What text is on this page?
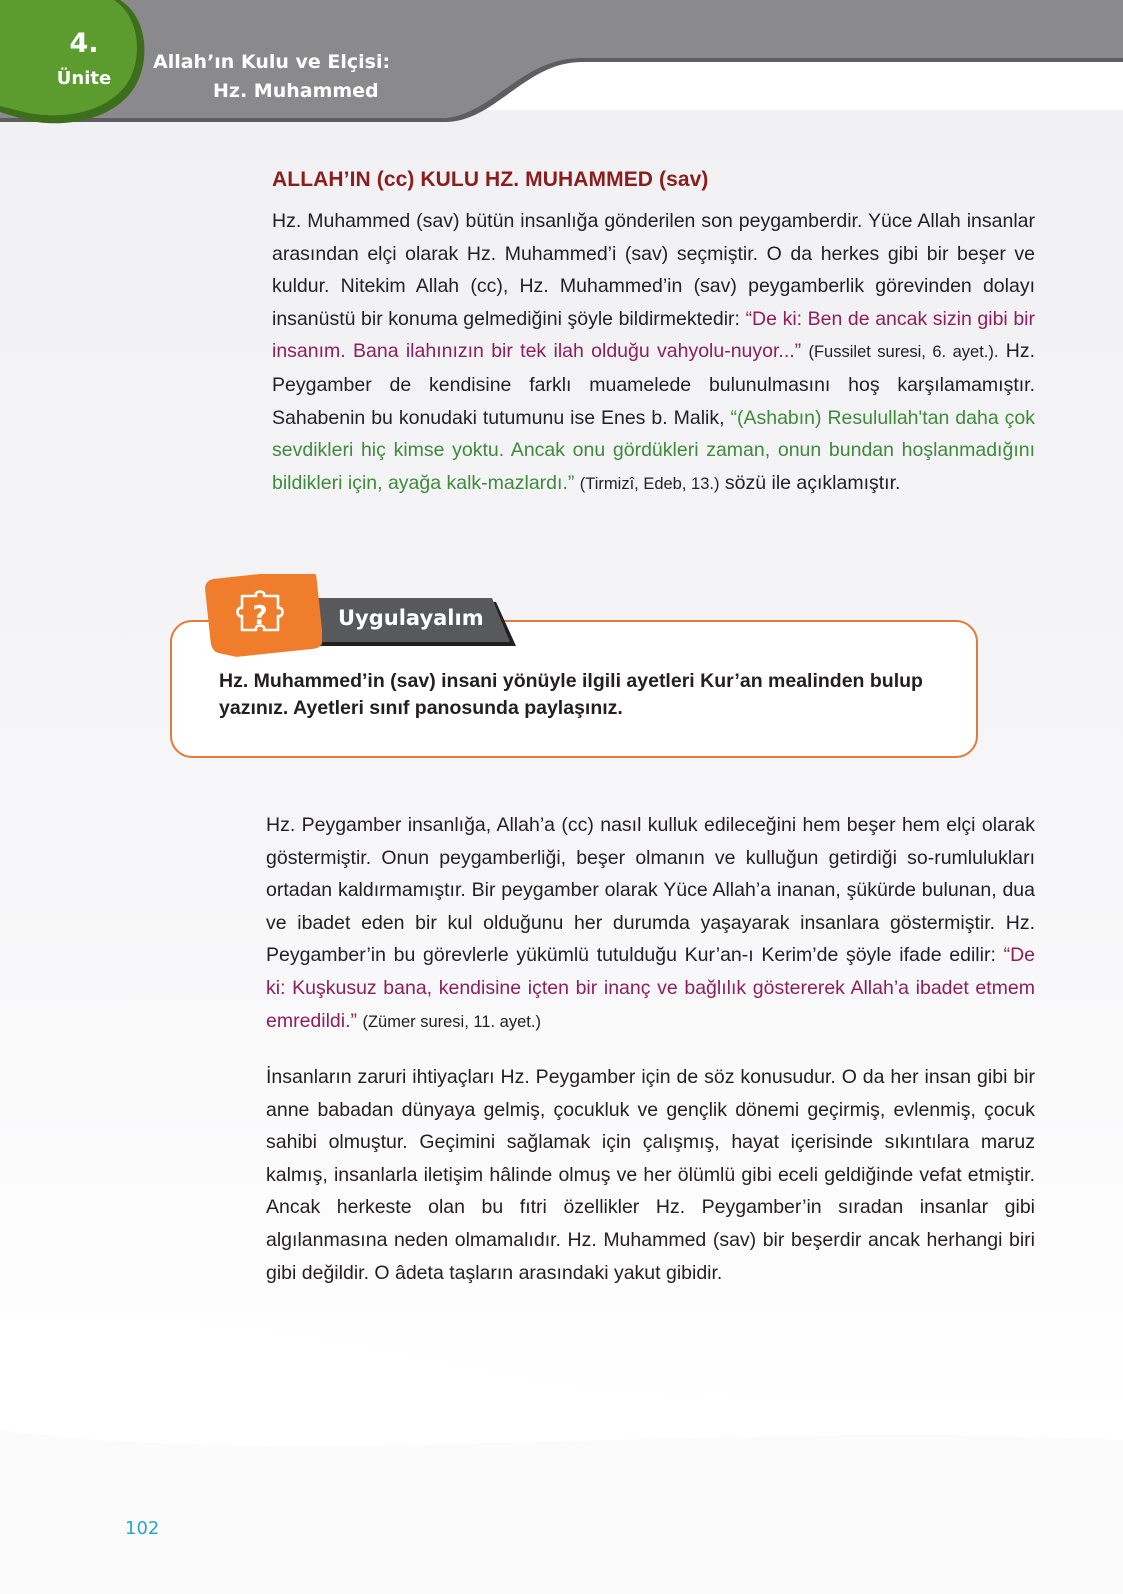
4.
Ünite
Allah’ın Kulu ve Elçisi:
Hz. Muhammed
ALLAH’IN (cc) KULU HZ. MUHAMMED (sav)

Hz. Muhammed (sav) bütün insanlığa gönderilen son peygamberdir. Yüce Allah insanlar arasından elçi olarak Hz. Muhammed’i (sav) seçmiştir. O da herkes gibi bir beşer ve kuldur. Nitekim Allah (cc), Hz. Muhammed’in (sav) peygamberlik görevinden dolayı insanüstü bir konuma gelmediğini şöyle bildirmektedir: “De ki: Ben de ancak sizin gibi bir insanım. Bana ilahınızın bir tek ilah olduğu vahyolu-nuyor...” (Fussilet suresi, 6. ayet.). Hz. Peygamber de kendisine farklı muamelede bulunulmasını hoş karşılamamıştır. Sahabenin bu konudaki tutumunu ise Enes b. Malik, “(Ashabın) Resulullah'tan daha çok sevdikleri hiç kimse yoktu. Ancak onu gördükleri zaman, onun bundan hoşlanmadığını bildikleri için, ayağa kalk-mazlardı.” (Tirmizî, Edeb, 13.) sözü ile açıklamıştır.

Uygulayalım
?
Hz. Muhammed’in (sav) insani yönüyle ilgili ayetleri Kur’an mealinden bulup yazınız. Ayetleri sınıf panosunda paylaşınız.

Hz. Peygamber insanlığa, Allah’a (cc) nasıl kulluk edileceğini hem beşer hem elçi olarak göstermiştir. Onun peygamberliği, beşer olmanın ve kulluğun getirdiği so-rumlulukları ortadan kaldırmamıştır. Bir peygamber olarak Yüce Allah’a inanan, şükürde bulunan, dua ve ibadet eden bir kul olduğunu her durumda yaşayarak insanlara göstermiştir. Hz. Peygamber’in bu görevlerle yükümlü tutulduğu Kur’an-ı Kerim’de şöyle ifade edilir: “De ki: Kuşkusuz bana, kendisine içten bir inanç ve bağlılık göstererek Allah’a ibadet etmem emredildi.” (Zümer suresi, 11. ayet.)

İnsanların zaruri ihtiyaçları Hz. Peygamber için de söz konusudur. O da her insan gibi bir anne babadan dünyaya gelmiş, çocukluk ve gençlik dönemi geçirmiş, evlenmiş, çocuk sahibi olmuştur. Geçimini sağlamak için çalışmış, hayat içerisinde sıkıntılara maruz kalmış, insanlarla iletişim hâlinde olmuş ve her ölümlü gibi eceli geldiğinde vefat etmiştir. Ancak herkeste olan bu fıtri özellikler Hz. Peygamber’in sıradan insanlar gibi algılanmasına neden olmamalıdır. Hz. Muhammed (sav) bir beşerdir ancak herhangi biri gibi değildir. O âdeta taşların arasındaki yakut gibidir.

102
